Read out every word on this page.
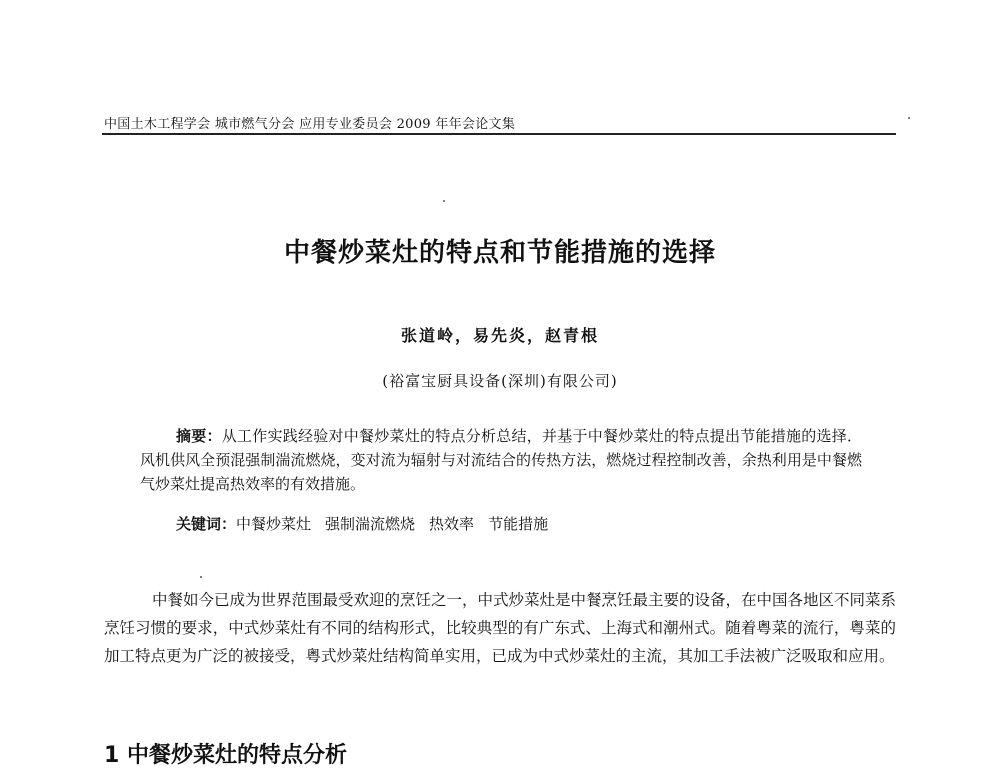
中国土木工程学会 城市燃气分会 应用专业委员会 2009 年年会论文集
中餐炒菜灶的特点和节能措施的选择
张道岭，易先炎，赵青根
(裕富宝厨具设备(深圳)有限公司)
摘要：从工作实践经验对中餐炒菜灶的特点分析总结，并基于中餐炒菜灶的特点提出节能措施的选择．风机供风全预混强制湍流燃烧，变对流为辐射与对流结合的传热方法，燃烧过程控制改善，余热利用是中餐燃气炒菜灶提高热效率的有效措施。
关键词：中餐炒菜灶 强制湍流燃烧 热效率 节能措施
中餐如今已成为世界范围最受欢迎的烹饪之一，中式炒菜灶是中餐烹饪最主要的设备，在中国各地区不同菜系烹饪习惯的要求，中式炒菜灶有不同的结构形式，比较典型的有广东式、上海式和潮州式。随着粤菜的流行，粤菜的加工特点更为广泛的被接受，粤式炒菜灶结构简单实用，已成为中式炒菜灶的主流，其加工手法被广泛吸取和应用。
1 中餐炒菜灶的特点分析
